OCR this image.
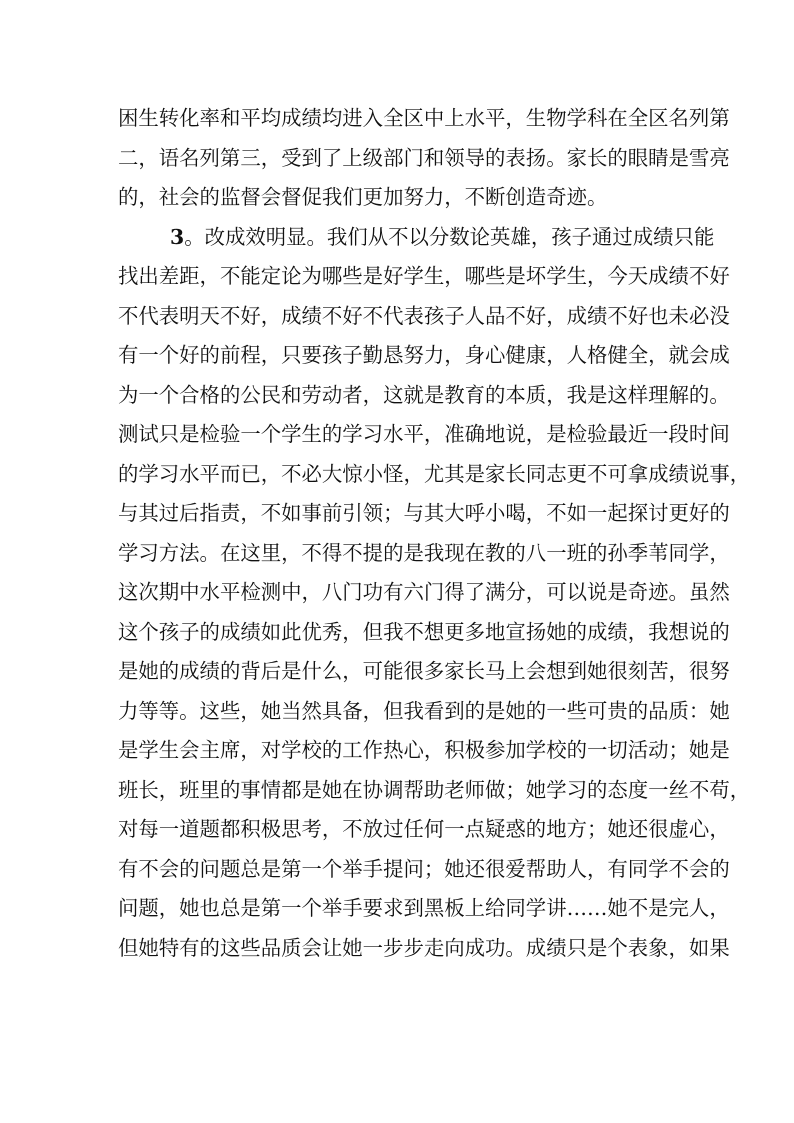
困生转化率和平均成绩均进入全区中上水平，生物学科在全区名列第
二，语名列第三，受到了上级部门和领导的表扬。家长的眼睛是雪亮
的，社会的监督会督促我们更加努力，不断创造奇迹。
3。改成效明显。我们从不以分数论英雄，孩子通过成绩只能
找出差距，不能定论为哪些是好学生，哪些是坏学生，今天成绩不好
不代表明天不好，成绩不好不代表孩子人品不好，成绩不好也未必没
有一个好的前程，只要孩子勤恳努力，身心健康，人格健全，就会成
为一个合格的公民和劳动者，这就是教育的本质，我是这样理解的。
测试只是检验一个学生的学习水平，准确地说，是检验最近一段时间
的学习水平而已，不必大惊小怪，尤其是家长同志更不可拿成绩说事，
与其过后指责，不如事前引领；与其大呼小喝，不如一起探讨更好的
学习方法。在这里，不得不提的是我现在教的八一班的孙季苇同学，
这次期中水平检测中，八门功有六门得了满分，可以说是奇迹。虽然
这个孩子的成绩如此优秀，但我不想更多地宣扬她的成绩，我想说的
是她的成绩的背后是什么，可能很多家长马上会想到她很刻苦，很努
力等等。这些，她当然具备，但我看到的是她的一些可贵的品质：她
是学生会主席，对学校的工作热心，积极参加学校的一切活动；她是
班长，班里的事情都是她在协调帮助老师做；她学习的态度一丝不苟，
对每一道题都积极思考，不放过任何一点疑惑的地方；她还很虚心，
有不会的问题总是第一个举手提问；她还很爱帮助人，有同学不会的
问题，她也总是第一个举手要求到黑板上给同学讲……她不是完人，
但她特有的这些品质会让她一步步走向成功。成绩只是个表象，如果
